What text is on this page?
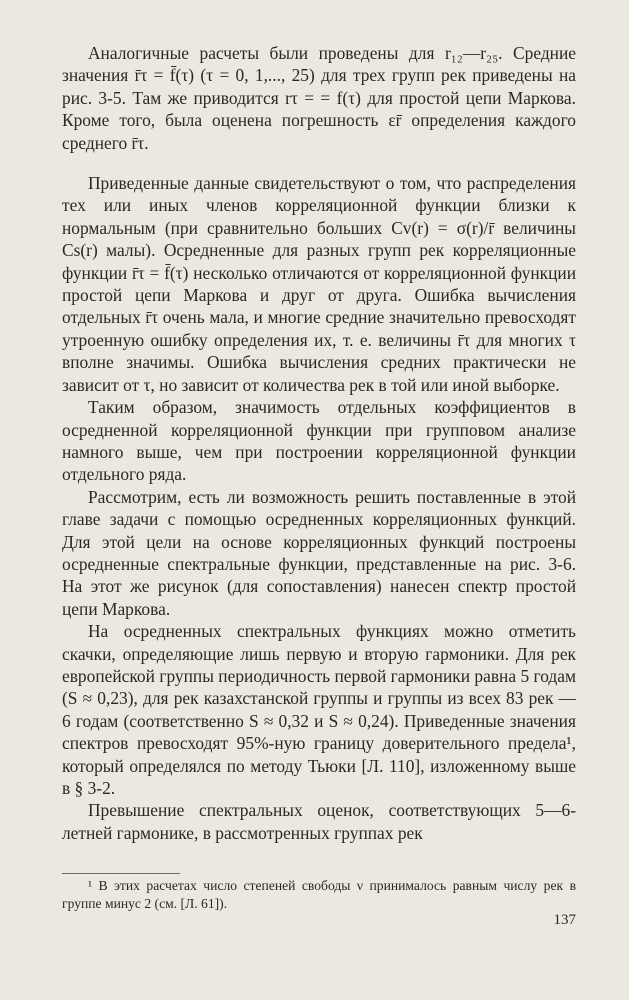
Аналогичные расчеты были проведены для r₁₂—r₂₅. Средние значения r̄τ = f̄(τ) (τ = 0, 1,..., 25) для трех групп рек приведены на рис. 3-5. Там же приводится rτ = = f(τ) для простой цепи Маркова. Кроме того, была оценена погрешность εr̄ определения каждого среднего r̄τ.

Приведенные данные свидетельствуют о том, что распределения тех или иных членов корреляционной функции близки к нормальным (при сравнительно больших Cv(r) = σ(r)/r̄ величины Cs(r) малы). Осредненные для разных групп рек корреляционные функции r̄τ = f̄(τ) несколько отличаются от корреляционной функции простой цепи Маркова и друг от друга. Ошибка вычисления отдельных r̄τ очень мала, и многие средние значительно превосходят утроенную ошибку определения их, т. е. величины r̄τ для многих τ вполне значимы. Ошибка вычисления средних практически не зависит от τ, но зависит от количества рек в той или иной выборке.

Таким образом, значимость отдельных коэффициентов в осредненной корреляционной функции при групповом анализе намного выше, чем при построении корреляционной функции отдельного ряда.

Рассмотрим, есть ли возможность решить поставленные в этой главе задачи с помощью осредненных корреляционных функций. Для этой цели на основе корреляционных функций построены осредненные спектральные функции, представленные на рис. 3-6. На этот же рисунок (для сопоставления) нанесен спектр простой цепи Маркова.

На осредненных спектральных функциях можно отметить скачки, определяющие лишь первую и вторую гармоники. Для рек европейской группы периодичность первой гармоники равна 5 годам (S ≈ 0,23), для рек казахстанской группы и группы из всех 83 рек — 6 годам (соответственно S ≈ 0,32 и S ≈ 0,24). Приведенные значения спектров превосходят 95%-ную границу доверительного предела¹, который определялся по методу Тьюки [Л. 110], изложенному выше в § 3-2.

Превышение спектральных оценок, соответствующих 5—6-летней гармонике, в рассмотренных группах рек

¹ В этих расчетах число степеней свободы ν принималось равным числу рек в группе минус 2 (см. [Л. 61]).

137
